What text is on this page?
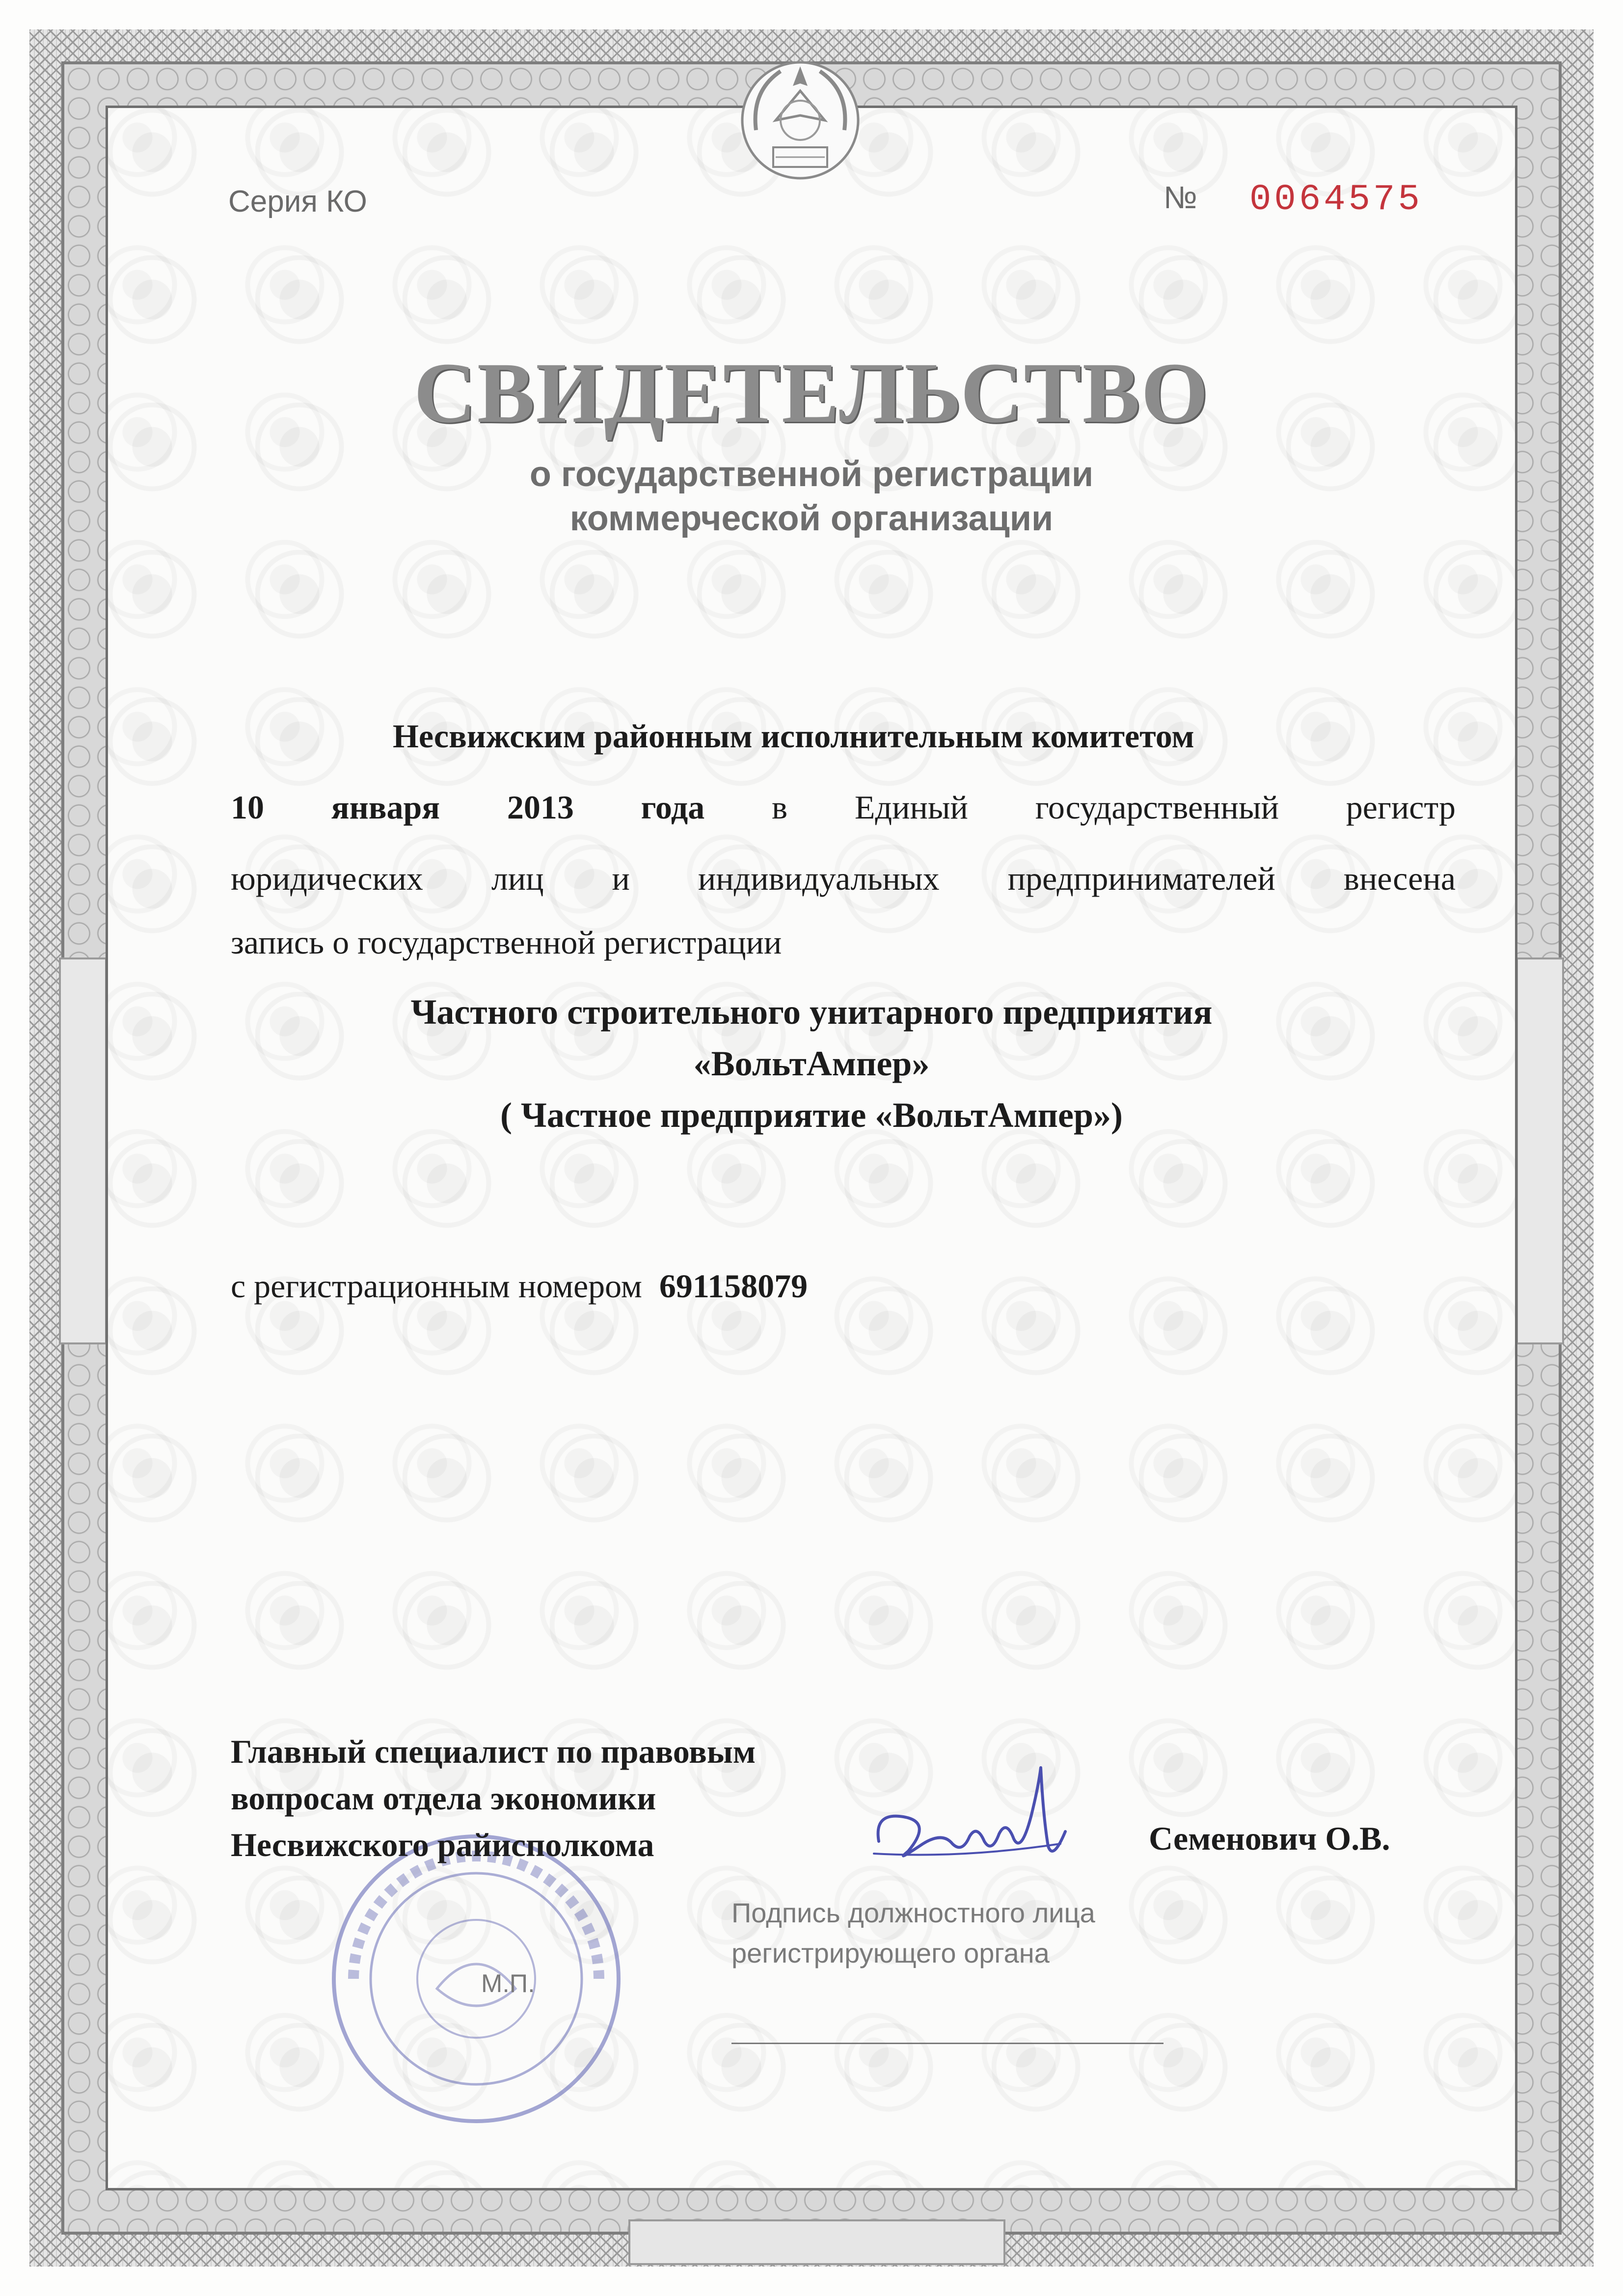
Серия КО	№ 0064575
СВИДЕТЕЛЬСТВО
о государственной регистрации
коммерческой организации
Несвижским районным исполнительным комитетом
10 января 2013 года в Единый государственный регистр
юридических лиц и индивидуальных предпринимателей внесена
запись о государственной регистрации
Частного строительного унитарного предприятия
«ВольтАмпер»
( Частное предприятие «ВольтАмпер»)
с регистрационным номером 691158079
Главный специалист по правовым
вопросам отдела экономики
Несвижского райисполкома	Семенович О.В.
Подпись должностного лица
регистрирующего органа
М.П.
